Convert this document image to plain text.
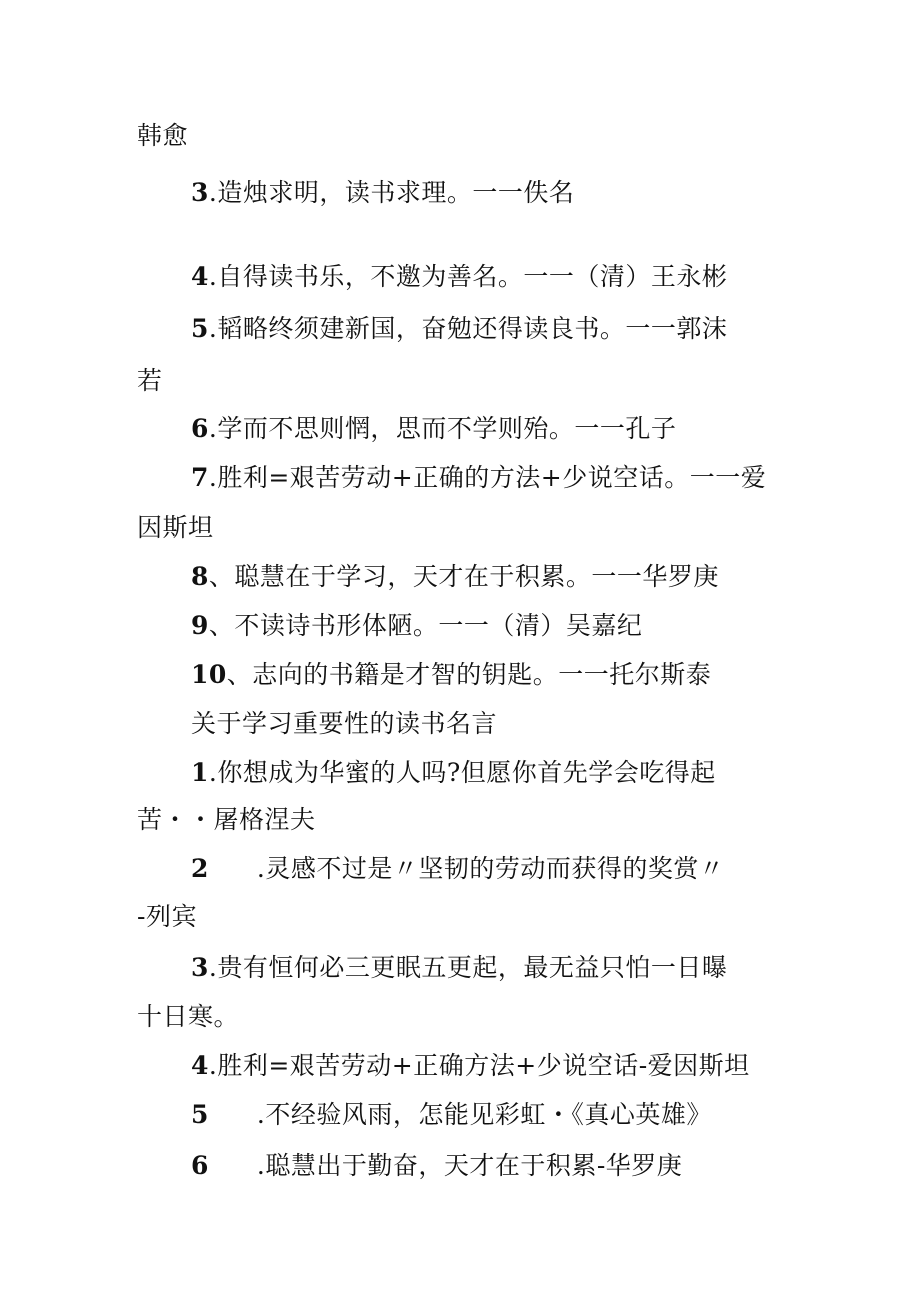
韩愈
3.造烛求明，读书求理。一一佚名
4.自得读书乐，不邀为善名。一一（清）王永彬
5.韬略终须建新国，奋勉还得读良书。一一郭沫
若
6.学而不思则惘，思而不学则殆。一一孔子
7.胜利=艰苦劳动+正确的方法+少说空话。一一爱
因斯坦
8、聪慧在于学习，天才在于积累。一一华罗庚
9、不读诗书形体陋。一一（清）吴嘉纪
10、志向的书籍是才智的钥匙。一一托尔斯泰
关于学习重要性的读书名言
1.你想成为华蜜的人吗?但愿你首先学会吃得起
苦・・屠格涅夫
2 .灵感不过是〃坚韧的劳动而获得的奖赏〃
-列宾
3.贵有恒何必三更眠五更起，最无益只怕一日曝
十日寒。
4.胜利=艰苦劳动+正确方法+少说空话-爱因斯坦
5 .不经验风雨，怎能见彩虹・《真心英雄》
6 .聪慧出于勤奋，天才在于积累-华罗庚
